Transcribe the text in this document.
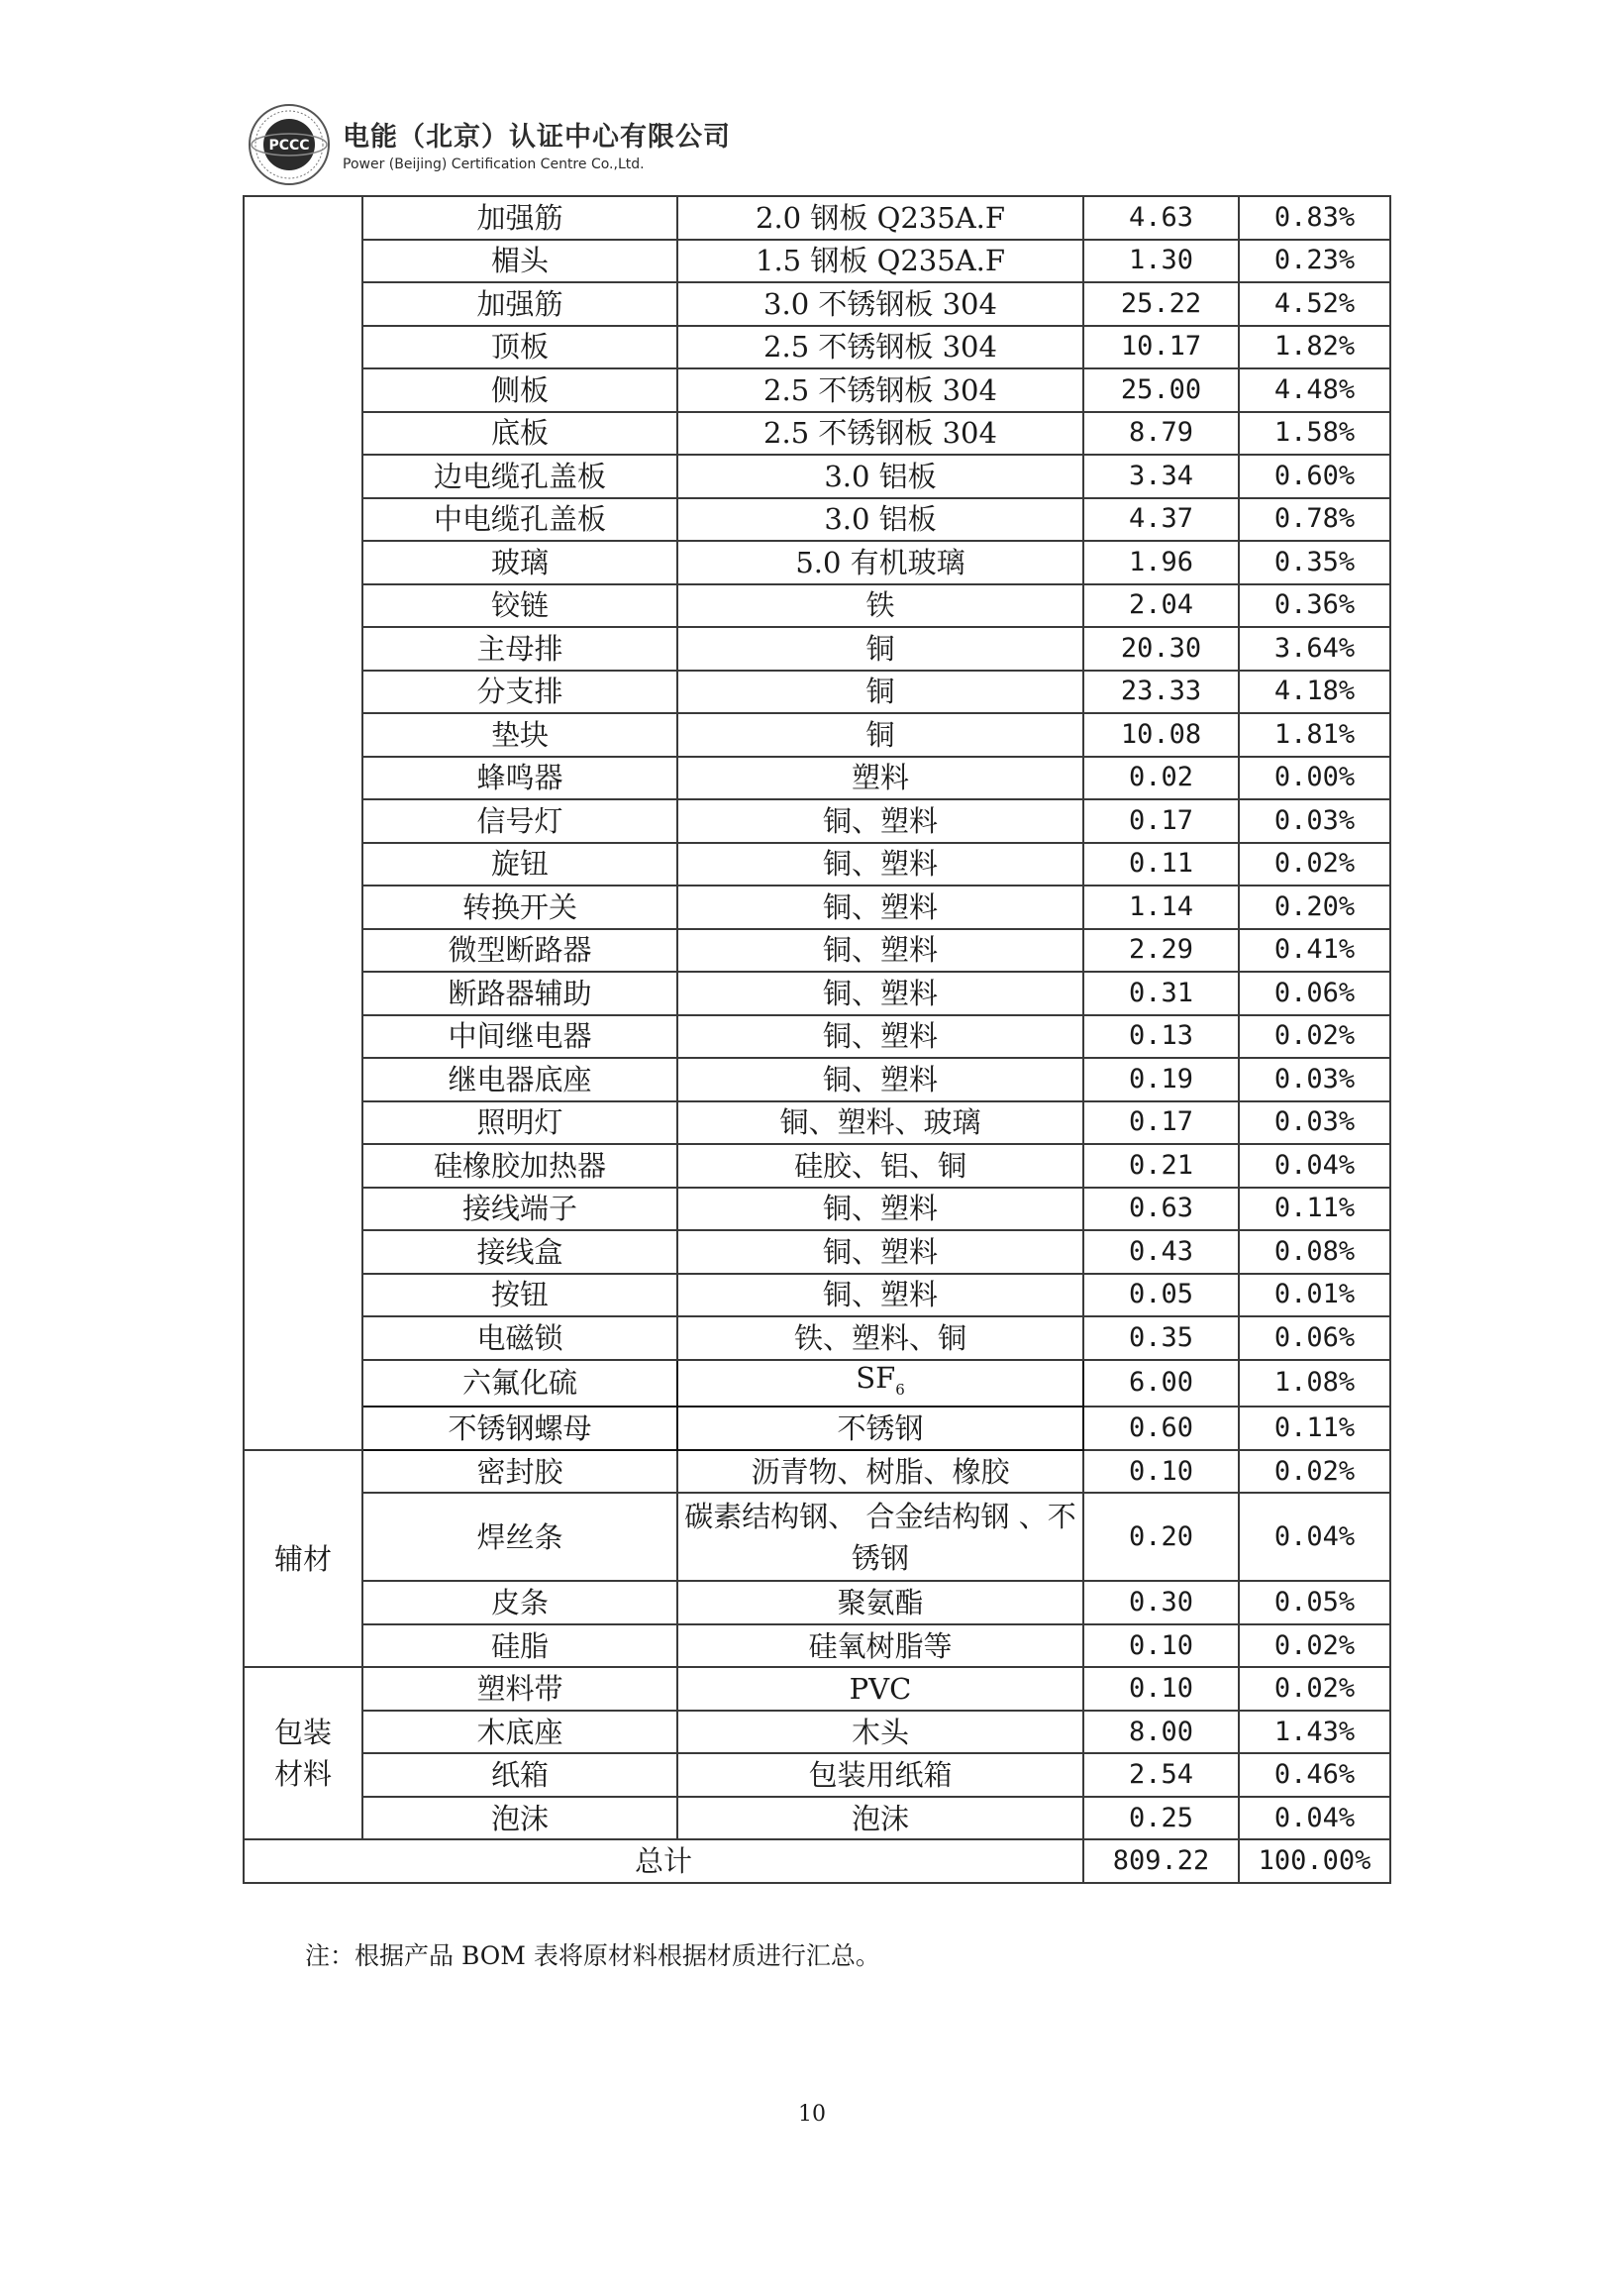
PCCC 电能（北京）认证中心有限公司
Power (Beijing) Certification Centre Co.,Ltd.
	加强筋	2.0 钢板 Q235A.F	4.63	0.83%
	楣头	1.5 钢板 Q235A.F	1.30	0.23%
	加强筋	3.0 不锈钢板 304	25.22	4.52%
	顶板	2.5 不锈钢板 304	10.17	1.82%
	侧板	2.5 不锈钢板 304	25.00	4.48%
	底板	2.5 不锈钢板 304	8.79	1.58%
	边电缆孔盖板	3.0 铝板	3.34	0.60%
	中电缆孔盖板	3.0 铝板	4.37	0.78%
	玻璃	5.0 有机玻璃	1.96	0.35%
	铰链	铁	2.04	0.36%
	主母排	铜	20.30	3.64%
	分支排	铜	23.33	4.18%
	垫块	铜	10.08	1.81%
	蜂鸣器	塑料	0.02	0.00%
	信号灯	铜、塑料	0.17	0.03%
	旋钮	铜、塑料	0.11	0.02%
	转换开关	铜、塑料	1.14	0.20%
	微型断路器	铜、塑料	2.29	0.41%
	断路器辅助	铜、塑料	0.31	0.06%
	中间继电器	铜、塑料	0.13	0.02%
	继电器底座	铜、塑料	0.19	0.03%
	照明灯	铜、塑料、玻璃	0.17	0.03%
	硅橡胶加热器	硅胶、铝、铜	0.21	0.04%
	接线端子	铜、塑料	0.63	0.11%
	接线盒	铜、塑料	0.43	0.08%
	按钮	铜、塑料	0.05	0.01%
	电磁锁	铁、塑料、铜	0.35	0.06%
	六氟化硫	$SF_6$	6.00	1.08%
	不锈钢螺母	不锈钢	0.60	0.11%
辅材	密封胶	沥青物、树脂、橡胶	0.10	0.02%
	焊丝条	碳素结构钢、 合金结构钢 、不锈钢	0.20	0.04%
	皮条	聚氨酯	0.30	0.05%
	硅脂	硅氧树脂等	0.10	0.02%

包装
材料	塑料带	PVC	0.10	0.02%
	木底座	木头	8.00	1.43%
	纸箱	包装用纸箱	2.54	0.46%
	泡沫	泡沫	0.25	0.04%
总计			809.22	100.00%
注：根据产品 BOM 表将原材料根据材质进行汇总。
10
